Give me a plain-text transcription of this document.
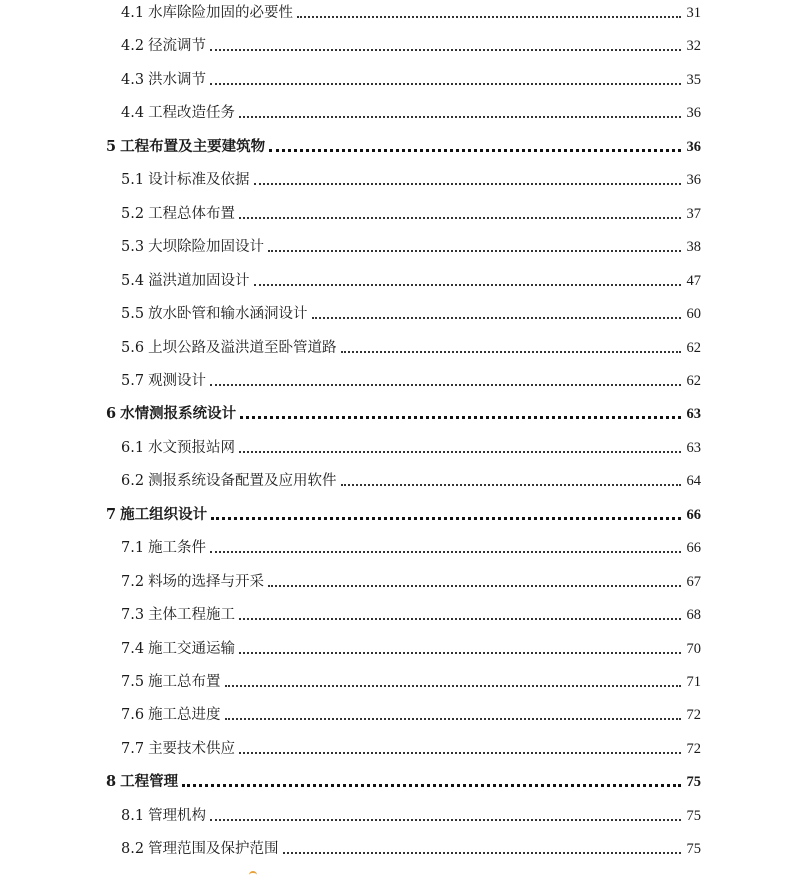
4.1 水库除险加固的必要性	31
4.2 径流调节	32
4.3 洪水调节	35
4.4 工程改造任务	36
5 工程布置及主要建筑物	36
5.1 设计标准及依据	36
5.2 工程总体布置	37
5.3 大坝除险加固设计	38
5.4 溢洪道加固设计	47
5.5 放水卧管和输水涵洞设计	60
5.6 上坝公路及溢洪道至卧管道路	62
5.7 观测设计	62
6 水情测报系统设计	63
6.1 水文预报站网	63
6.2 测报系统设备配置及应用软件	64
7 施工组织设计	66
7.1 施工条件	66
7.2 料场的选择与开采	67
7.3 主体工程施工	68
7.4 施工交通运输	70
7.5 施工总布置	71
7.6 施工总进度	72
7.7 主要技术供应	72
8 工程管理	75
8.1 管理机构	75
8.2 管理范围及保护范围	75
